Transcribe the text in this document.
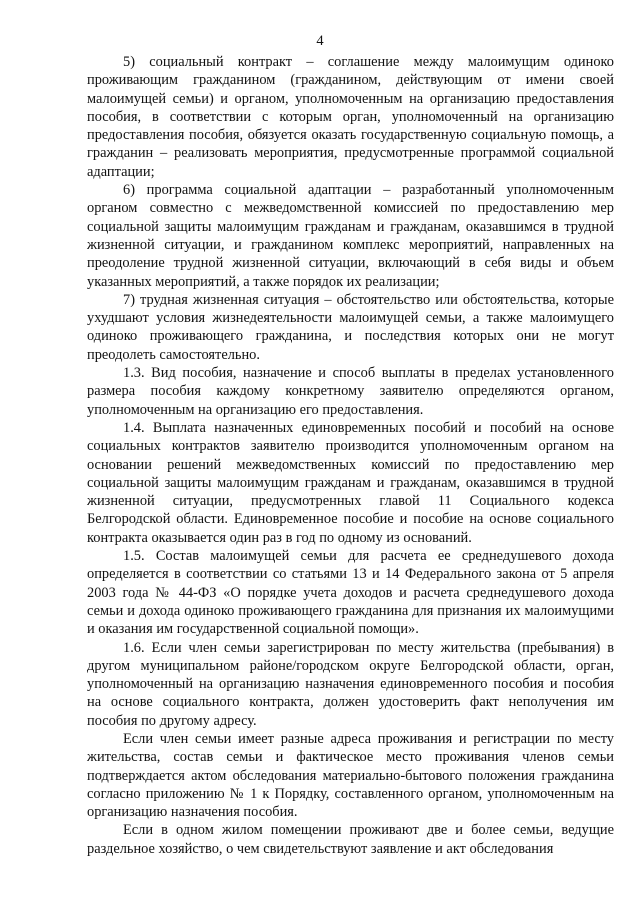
4

5) социальный контракт – соглашение между малоимущим одиноко проживающим гражданином (гражданином, действующим от имени своей малоимущей семьи) и органом, уполномоченным на организацию предоставления пособия, в соответствии с которым орган, уполномоченный на организацию предоставления пособия, обязуется оказать государственную социальную помощь, а гражданин – реализовать мероприятия, предусмотренные программой социальной адаптации;

6) программа социальной адаптации – разработанный уполномоченным органом совместно с межведомственной комиссией по предоставлению мер социальной защиты малоимущим гражданам и гражданам, оказавшимся в трудной жизненной ситуации, и гражданином комплекс мероприятий, направленных на преодоление трудной жизненной ситуации, включающий в себя виды и объем указанных мероприятий, а также порядок их реализации;

7) трудная жизненная ситуация – обстоятельство или обстоятельства, которые ухудшают условия жизнедеятельности малоимущей семьи, а также малоимущего одиноко проживающего гражданина, и последствия которых они не могут преодолеть самостоятельно.

1.3. Вид пособия, назначение и способ выплаты в пределах установленного размера пособия каждому конкретному заявителю определяются органом, уполномоченным на организацию его предоставления.

1.4. Выплата назначенных единовременных пособий и пособий на основе социальных контрактов заявителю производится уполномоченным органом на основании решений межведомственных комиссий по предоставлению мер социальной защиты малоимущим гражданам и гражданам, оказавшимся в трудной жизненной ситуации, предусмотренных главой 11 Социального кодекса Белгородской области. Единовременное пособие и пособие на основе социального контракта оказывается один раз в год по одному из оснований.

1.5. Состав малоимущей семьи для расчета ее среднедушевого дохода определяется в соответствии со статьями 13 и 14 Федерального закона от 5 апреля 2003 года № 44-ФЗ «О порядке учета доходов и расчета среднедушевого дохода семьи и дохода одиноко проживающего гражданина для признания их малоимущими и оказания им государственной социальной помощи».

1.6. Если член семьи зарегистрирован по месту жительства (пребывания) в другом муниципальном районе/городском округе Белгородской области, орган, уполномоченный на организацию назначения единовременного пособия и пособия на основе социального контракта, должен удостоверить факт неполучения им пособия по другому адресу.

Если член семьи имеет разные адреса проживания и регистрации по месту жительства, состав семьи и фактическое место проживания членов семьи подтверждается актом обследования материально-бытового положения гражданина согласно приложению № 1 к Порядку, составленного органом, уполномоченным на организацию назначения пособия.

Если в одном жилом помещении проживают две и более семьи, ведущие раздельное хозяйство, о чем свидетельствуют заявление и акт обследования
